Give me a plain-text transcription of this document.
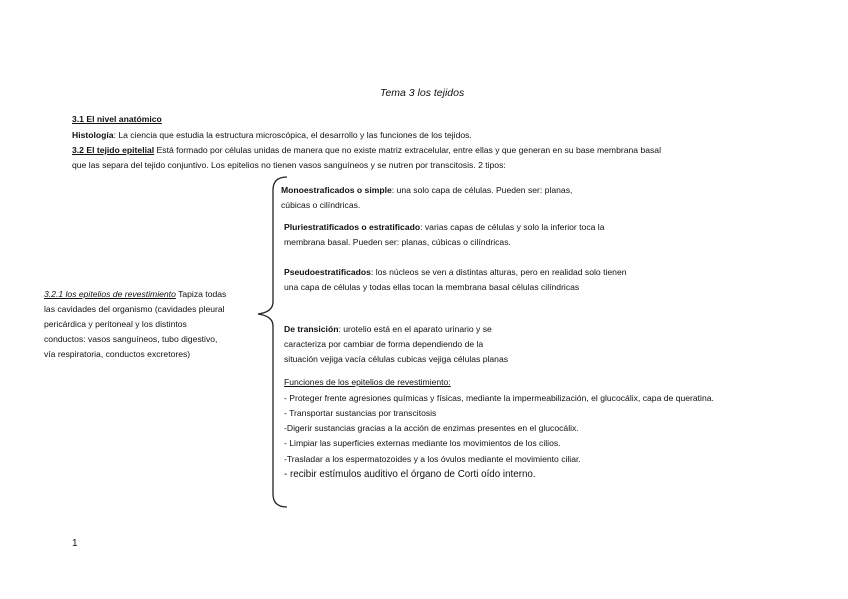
Tema 3 los tejidos
3.1 El nivel anatómico
Histología: La ciencia que estudia la estructura microscópica, el desarrollo y las funciones de los tejidos.
3.2 El tejido epitelial Está formado por células unidas de manera que no existe matriz extracelular, entre ellas y que generan en su base membrana basal
que las separa del tejido conjuntivo. Los epitelios no tienen vasos sanguíneos y se nutren por transcitosis. 2 tipos:
3.2.1 los epitelios de revestimiento Tapiza todas
las cavidades del organismo (cavidades pleural
pericárdica y peritoneal y los distintos
conductos: vasos sanguíneos, tubo digestivo,
vía respiratoria, conductos excretores)
Monoestraficados o simple: una solo capa de células. Pueden ser: planas,
cúbicas o cilíndricas.
Pluriestratificados o estratificado: varias capas de células y solo la inferior toca la
membrana basal. Pueden ser: planas, cúbicas o cilíndricas.
Pseudoestratificados: los núcleos se ven a distintas alturas, pero en realidad solo tienen
una capa de células y todas ellas tocan la membrana basal células cilíndricas
De transición: urotelio está en el aparato urinario y se
caracteriza por cambiar de forma dependiendo de la
situación vejiga vacía células cubicas vejiga células planas
Funciones de los epitelios de revestimiento:
- Proteger frente agresiones químicas y físicas, mediante la impermeabilización, el glucocálix, capa de queratina.
- Transportar sustancias por transcitosis
-Digerir sustancias gracias a la acción de enzimas presentes en el glucocálix.
- Limpiar las superficies externas mediante los movimientos de los cilios.
-Trasladar a los espermatozoides y a los óvulos mediante el movimiento ciliar.
- recibir estímulos auditivo el órgano de Corti oído interno.
1
